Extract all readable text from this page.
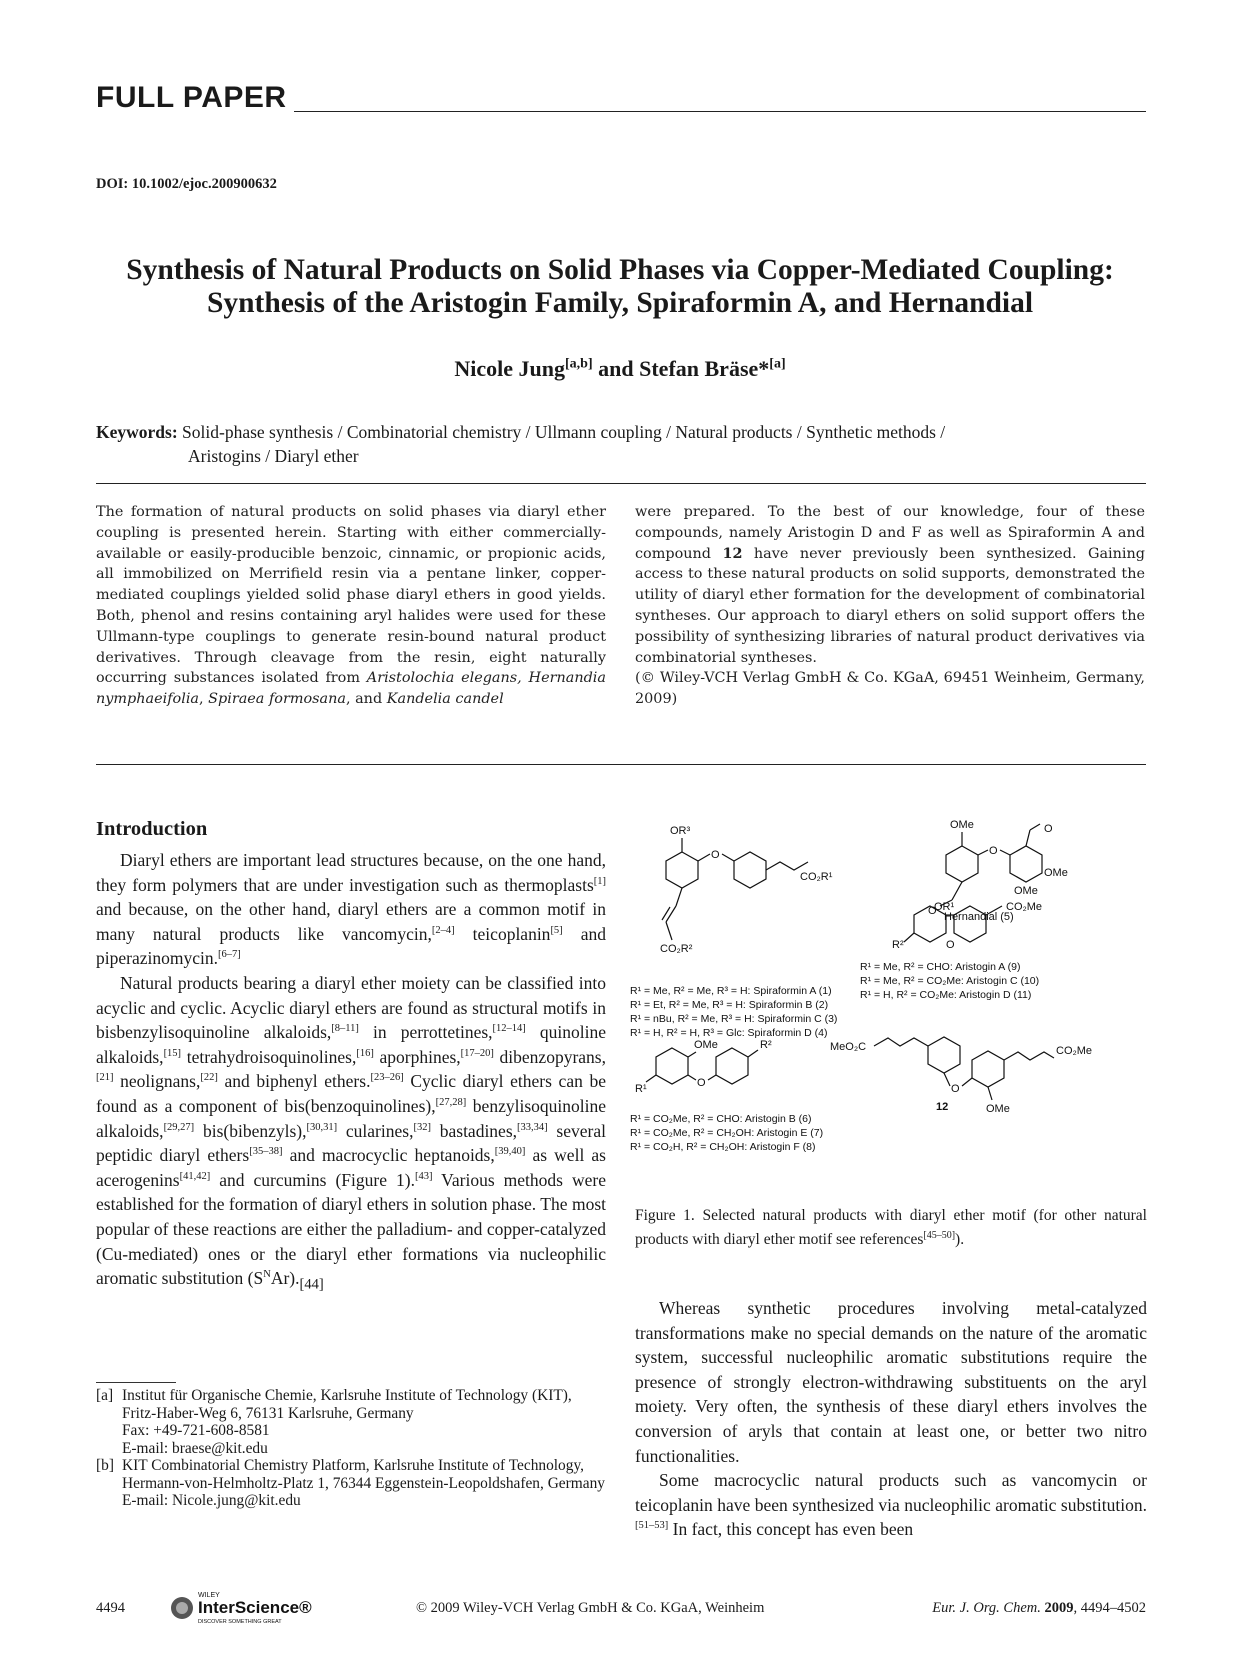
FULL PAPER
DOI: 10.1002/ejoc.200900632
Synthesis of Natural Products on Solid Phases via Copper-Mediated Coupling:
Synthesis of the Aristogin Family, Spiraformin A, and Hernandial
Nicole Jung[a,b] and Stefan Bräse*[a]
Keywords: Solid-phase synthesis / Combinatorial chemistry / Ullmann coupling / Natural products / Synthetic methods /
Aristogins / Diaryl ether
The formation of natural products on solid phases via diaryl ether coupling is presented herein. Starting with either commercially-available or easily-producible benzoic, cinnamic, or propionic acids, all immobilized on Merrifield resin via a pentane linker, copper-mediated couplings yielded solid phase diaryl ethers in good yields. Both, phenol and resins containing aryl halides were used for these Ullmann-type couplings to generate resin-bound natural product derivatives. Through cleavage from the resin, eight naturally occurring substances isolated from Aristolochia elegans, Hernandia nymphaeifolia, Spiraea formosana, and Kandelia candel
were prepared. To the best of our knowledge, four of these compounds, namely Aristogin D and F as well as Spiraformin A and compound 12 have never previously been synthesized. Gaining access to these natural products on solid supports, demonstrated the utility of diaryl ether formation for the development of combinatorial syntheses. Our approach to diaryl ethers on solid support offers the possibility of synthesizing libraries of natural product derivatives via combinatorial syntheses.
(© Wiley-VCH Verlag GmbH & Co. KGaA, 69451 Weinheim, Germany, 2009)
Introduction

Diaryl ethers are important lead structures because, on the one hand, they form polymers that are under investigation such as thermoplasts[1] and because, on the other hand, diaryl ethers are a common motif in many natural products like vancomycin,[2–4] teicoplanin[5] and piperazinomycin.[6–7]

Natural products bearing a diaryl ether moiety can be classified into acyclic and cyclic. Acyclic diaryl ethers are found as structural motifs in bisbenzylisoquinoline alkaloids,[8–11] in perrottetines,[12–14] quinoline alkaloids,[15] tetrahydroisoquinolines,[16] aporphines,[17–20] dibenzopyrans,[21] neolignans,[22] and biphenyl ethers.[23–26] Cyclic diaryl ethers can be found as a component of bis(benzoquinolines),[27,28] benzylisoquinoline alkaloids,[29,27] bis(bibenzyls),[30,31] cularines,[32] bastadines,[33,34] several peptidic diaryl ethers[35–38] and macrocyclic heptanoids,[39,40] as well as acerogenins[41,42] and curcumins (Figure 1).[43] Various methods were established for the formation of diaryl ethers in solution phase. The most popular of these reactions are either the palladium- and copper-catalyzed (Cu-mediated) ones or the diaryl ether formations via nucleophilic aromatic substitution $(S^NAr)._{[44]}$

[a] Institut für Organische Chemie, Karlsruhe Institute of Technology (KIT),
Fritz-Haber-Weg 6, 76131 Karlsruhe, Germany
Fax: +49-721-608-8581
E-mail: braese@kit.edu
[b] KIT Combinatorial Chemistry Platform, Karlsruhe Institute of Technology,
Hermann-von-Helmholtz-Platz 1, 76344 Eggenstein-Leopoldshafen, Germany
E-mail: Nicole.jung@kit.edu
OR³
O
CO₂R¹
CO₂R²
R¹ = Me, R² = Me, R³ = H: Spiraformin A (1)
R¹ = Et, R² = Me, R³ = H: Spiraformin B (2)
R¹ = nBu, R² = Me, R³ = H: Spiraformin C (3)
R¹ = H, R² = H, R³ = Glc: Spiraformin D (4)
OMe
O
O
OMe
OMe
O Hernandial (5)
OR¹	CO₂Me
R²	O
R¹ = Me, R² = CHO: Aristogin A (9)
R¹ = Me, R² = CO₂Me: Aristogin C (10)
R¹ = H, R² = CO₂Me: Aristogin D (11)
OMe
R¹	O
R²
R¹ = CO₂Me, R² = CHO: Aristogin B (6)
R¹ = CO₂Me, R² = CH₂OH: Aristogin E (7)
R¹ = CO₂H, R² = CH₂OH: Aristogin F (8)
MeO₂C
O
CO₂Me
OMe
12
Figure 1. Selected natural products with diaryl ether motif (for other natural products with diaryl ether motif see references[45–50]).

Whereas synthetic procedures involving metal-catalyzed transformations make no special demands on the nature of the aromatic system, successful nucleophilic aromatic substitutions require the presence of strongly electron-withdrawing substituents on the aryl moiety. Very often, the synthesis of these diaryl ethers involves the conversion of aryls that contain at least one, or better two nitro functionalities.

Some macrocyclic natural products such as vancomycin or teicoplanin have been synthesized via nucleophilic aromatic substitution.[51–53] In fact, this concept has even been

4494
WILEY
InterScience®
DISCOVER SOMETHING GREAT
© 2009 Wiley-VCH Verlag GmbH & Co. KGaA, Weinheim	Eur. J. Org. Chem. 2009, 4494–4502
